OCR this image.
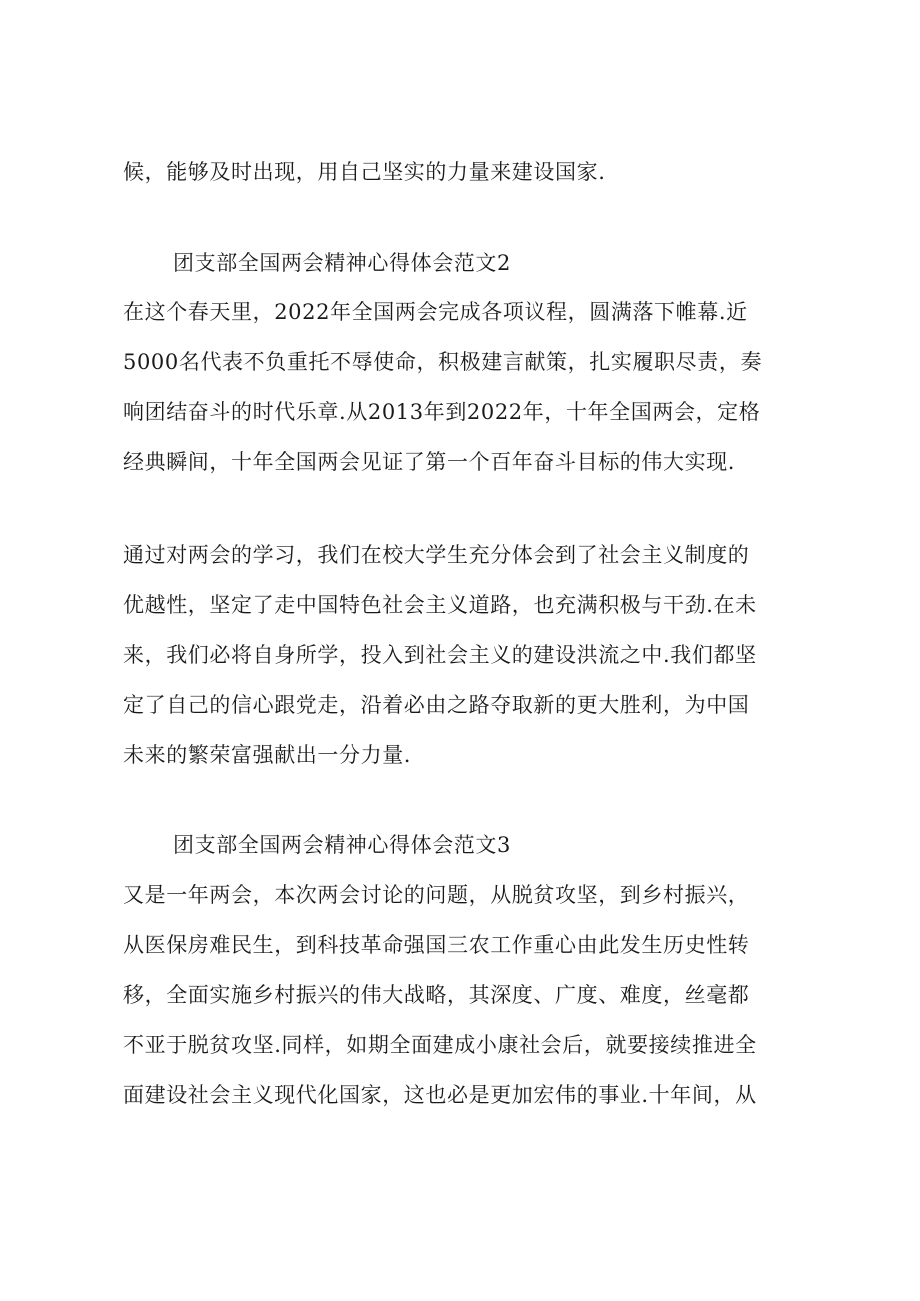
候，能够及时出现，用自己坚实的力量来建设国家.
团支部全国两会精神心得体会范文2
在这个春天里，2022年全国两会完成各项议程，圆满落下帷幕.近
5000名代表不负重托不辱使命，积极建言献策，扎实履职尽责，奏
响团结奋斗的时代乐章.从2013年到2022年，十年全国两会，定格
经典瞬间，十年全国两会见证了第一个百年奋斗目标的伟大实现.
通过对两会的学习，我们在校大学生充分体会到了社会主义制度的
优越性，坚定了走中国特色社会主义道路，也充满积极与干劲.在未
来，我们必将自身所学，投入到社会主义的建设洪流之中.我们都坚
定了自己的信心跟党走，沿着必由之路夺取新的更大胜利，为中国
未来的繁荣富强献出一分力量.
团支部全国两会精神心得体会范文3
又是一年两会，本次两会讨论的问题，从脱贫攻坚，到乡村振兴，
从医保房难民生，到科技革命强国三农工作重心由此发生历史性转
移，全面实施乡村振兴的伟大战略，其深度、广度、难度，丝毫都
不亚于脱贫攻坚.同样，如期全面建成小康社会后，就要接续推进全
面建设社会主义现代化国家，这也必是更加宏伟的事业.十年间，从
